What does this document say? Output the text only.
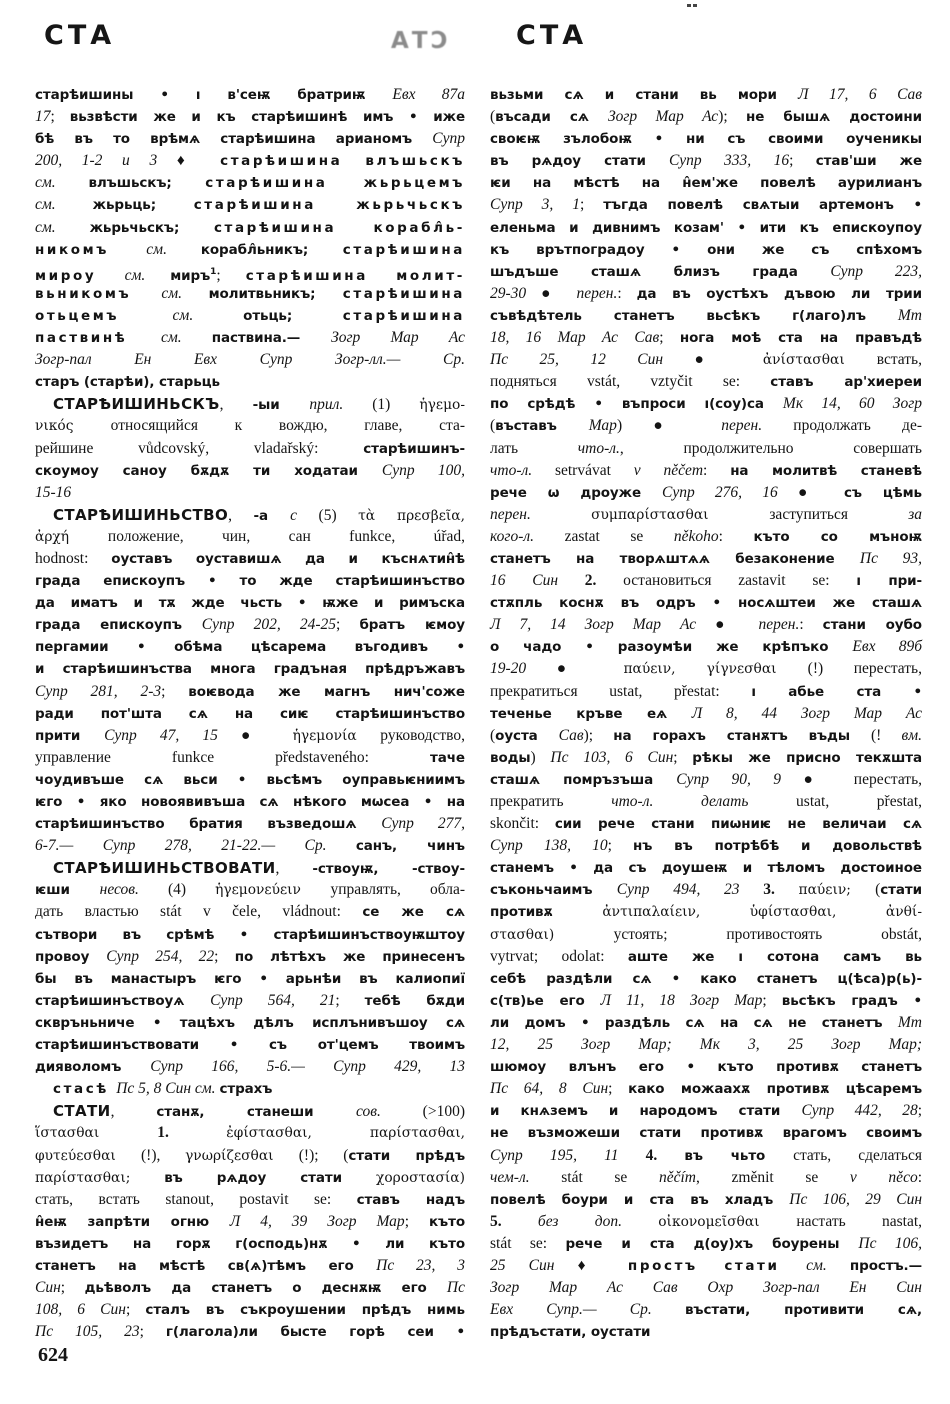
СТА	СТА	СТА
старѣишины • ı в'сеѭ братриѭ Евх 87а
17; вьзвѣсти же и къ старѣишинѣ имъ • иже
бѣ въ то врѣмѧ старѣишина арианомъ Супр
200, 1-2 и 3 ♦ старѣишина влъшьскъ
см. влъшьскъ; старѣишина жьрьцемъ
см. жьрьць; старѣишина жьрьчьскъ
см. жьрьчьскъ; старѣишина корабл̂ь-
никомъ см. корабл̂ьникъ; старѣишина
мироу см. миръ$^1$; старѣишина молит-
вьникомъ см. молитвьникъ; старѣишина
отьцемъ см. отьць; старѣишина
паствинѣ см. паствина.— Зогр Мар Ас
Зогр-пал Ен Евх Супр Зогр-лл.— Ср.
старъ (старѣи), старьць
СТАРѢИШИНЬСКЪ, -ыи прил. (1) ἡγεμο-
νικός относящийся к вождю, главе, ста-
рейшине vůdcovský, vladařský: старѣишинъ-
скоумоу саноу бѫдѫ ти ходатаи Супр 100,
15-16
СТАРѢИШИНЬСТВО, -а с (5) τὰ πρεσβεῖα,
ἀρχή положение, чин, сан funkce, úřad,
hodnost: оуставъ оуставишѧ да и къснѧтин̂ѣ
града епискоупъ • то жде старѣишинъство
да иматъ и тѫ жде чьсть • ѭже и римъска
града епискоупъ Супр 202, 24-25; братъ ѥмоу
пергамии • обѣма цѣсарема въгодивъ •
и старѣишинъства многа градъная прѣдръжавъ
Супр 281, 2-3; воѥвода же магнъ нич'соже
ради пот'шта сѧ на сиѥ старѣишинъство
прити Супр 47, 15 ● ἡγεμονία руководство,
управление funkce představeného: таче
чоудивъше сѧ вьси • вьсѣмъ оуправьѥниимъ
ѥго • яко новоявивъша сѧ нѣкого мѡсеа • на
старѣишинъство братия възведошѧ Супр 277,
6-7.— Супр 278, 21-22.— Ср. санъ, чинъ
СТАРѢИШИНЬСТВОВАТИ, -ствоуѭ, -ствоу-
ѥши несов. (4) ἡγεμονεύειν управлять, обла-
дать властью stát v čele, vládnout: се же сѧ
сътвори въ срѣмѣ • старѣишинъствоуѭштоу
провоу Супр 254, 22; по лѣтѣхъ же принесенъ
бы въ манастыръ ѥго • арьнѣи въ калиопиї
старѣишинъствоуѧ Супр 564, 21; тебѣ бѫди
сквръньниче • тацѣхъ дѣлъ исплънивъшоу сѧ
старѣишинъствовати • съ от'цемъ твоимъ
дияволомъ Супр 166, 5-6.— Супр 429, 13
стасѣ Пс 5, 8 Син см. страхъ
СТАТИ, станѫ, станеши сов. (>100)
ἵστασθαι 1. ἐφίστασθαι, παρίστασθαι,
φυτεύεσθαι (!), γνωρίζεσθαι (!); (стати прѣдъ
παρίστασθαι; въ рѧдоу стати χοροστασία)
стать, встать stanout, postavit se: ставъ надъ
н̂еѭ запрѣти огню Л 4, 39 Зогр Мар; къто
възидетъ на горѫ г(осподь)нѫ • ли къто
станетъ на мѣстѣ св(ѧ)тѣмъ его Пс 23, 3
Син; дьѣволъ да станетъ о деснѫѭ его Пс
108, 6 Син; сталъ въ съкроушении прѣдъ нимь
Пс 105, 23; г(лагола)ли бысте горѣ сеи •
вьзьми сѧ и стани вь мори Л 17, 6 Сав
(въсади сѧ Зогр Мар Ас); не бышѧ достоини
своѥѭ зълобоѭ • ни съ своими оученикы
въ рѧдоу стати Супр 333, 16; став'ши же
ѥи на мѣстѣ на н̂ем'же повелѣ аурилианъ
Супр 3, 1; тъгда повелѣ свѧтыи артемонъ •
еленьма и дивнимъ козам' • ити къ епискоупоу
къ врътпоградоу • они же съ спѣхомъ
шъдъше сташѧ близъ града Супр 223,
29-30 ● перен.: да въ оустѣхъ дъвою ли трии
съвѣдѣтель станетъ вьсѣкъ г(лаго)лъ Мт
18, 16 Мар Ас Сав; нога моѣ ста на правъдѣ
Пс 25, 12 Син ● ἀνίστασθαι встать,
подняться vstát, vztyčit se: ставъ ар'хиереи
по срѣдѣ • въпроси ı(соу)са Мк 14, 60 Зогр
(въставъ Мар) ● перен. продолжать де-
лать что-л., продолжительно совершать
что-л. setrvávat v něčem: на молитвѣ станевѣ
рече ѡ дроуже Супр 276, 16 ● съ цѣмь
перен. συμπαρίστασθαι заступиться за
кого-л. zastat se někoho: къто со мъноѭ
станетъ на творѧштѧѧ безаконение Пс 93,
16 Син 2. остановиться zastavit se: ı при-
стѫпль коснѫ въ одръ • носѧштеи же сташѧ
Л 7, 14 Зогр Мар Ас ● перен.: стани оубо
о чадо • разоумѣи же крѣпъко Евх 89б
19-20 ● παύειν, γίγνεσθαι (!) перестать,
прекратиться ustat, přestat: ı абье ста •
теченье кръве еѧ Л 8, 44 Зогр Мар Ас
(оуста Сав); на горахъ станѫтъ въды (! вм.
воды) Пс 103, 6 Син; рѣкы же присно текѫшта
сташѧ помръзъша Супр 90, 9 ● перестать,
прекратить что-л. делать ustat, přestat,
skončit: сии рече стани пиѡниѥ не величаи сѧ
Супр 138, 10; нъ въ потрѣбѣ и довольствѣ
станемъ • да съ доушеѭ и тѣломъ достоиное
съконьчаимъ Супр 494, 23 3. παύειν; (стати
противѫ ἀντιπαλαίειν, ὑφίστασθαι, ἀνθί-
στασθαι) устоять; противостоять obstát,
vytrvat; odolat: аште же ı сотона самъ вь
себѣ раздѣли сѧ • како станетъ ц(ѣса)р(ь)-
с(тв)ье его Л 11, 18 Зогр Мар; вьсѣкъ градъ •
ли домъ • раздѣль сѧ на сѧ не станетъ Мт
12, 25 Зогр Мар; Мк 3, 25 Зогр Мар;
шюмоу влънъ его • къто противѫ станетъ
Пс 64, 8 Син; како можаахѫ противѫ цѣсаремъ
и кнѧземъ и народомъ стати Супр 442, 28;
не възможеши стати противѫ врагомъ своимъ
Супр 195, 11 4. въ чьто стать, сделаться
чем-л. stát se něčím, změnit se v něco:
повелѣ боури и ста въ хладъ Пс 106, 29 Син
5. без доп. οἰκονομεῖσθαι настать nastat,
stát se: рече и ста д(оу)хъ боурены Пс 106,
25 Син ♦ простъ стати см. простъ.—
Зогр Мар Ас Сав Охр Зогр-пал Ен Син
Евх Супр.— Ср. въстати, противити сѧ,
прѣдъстати, оустати
624
